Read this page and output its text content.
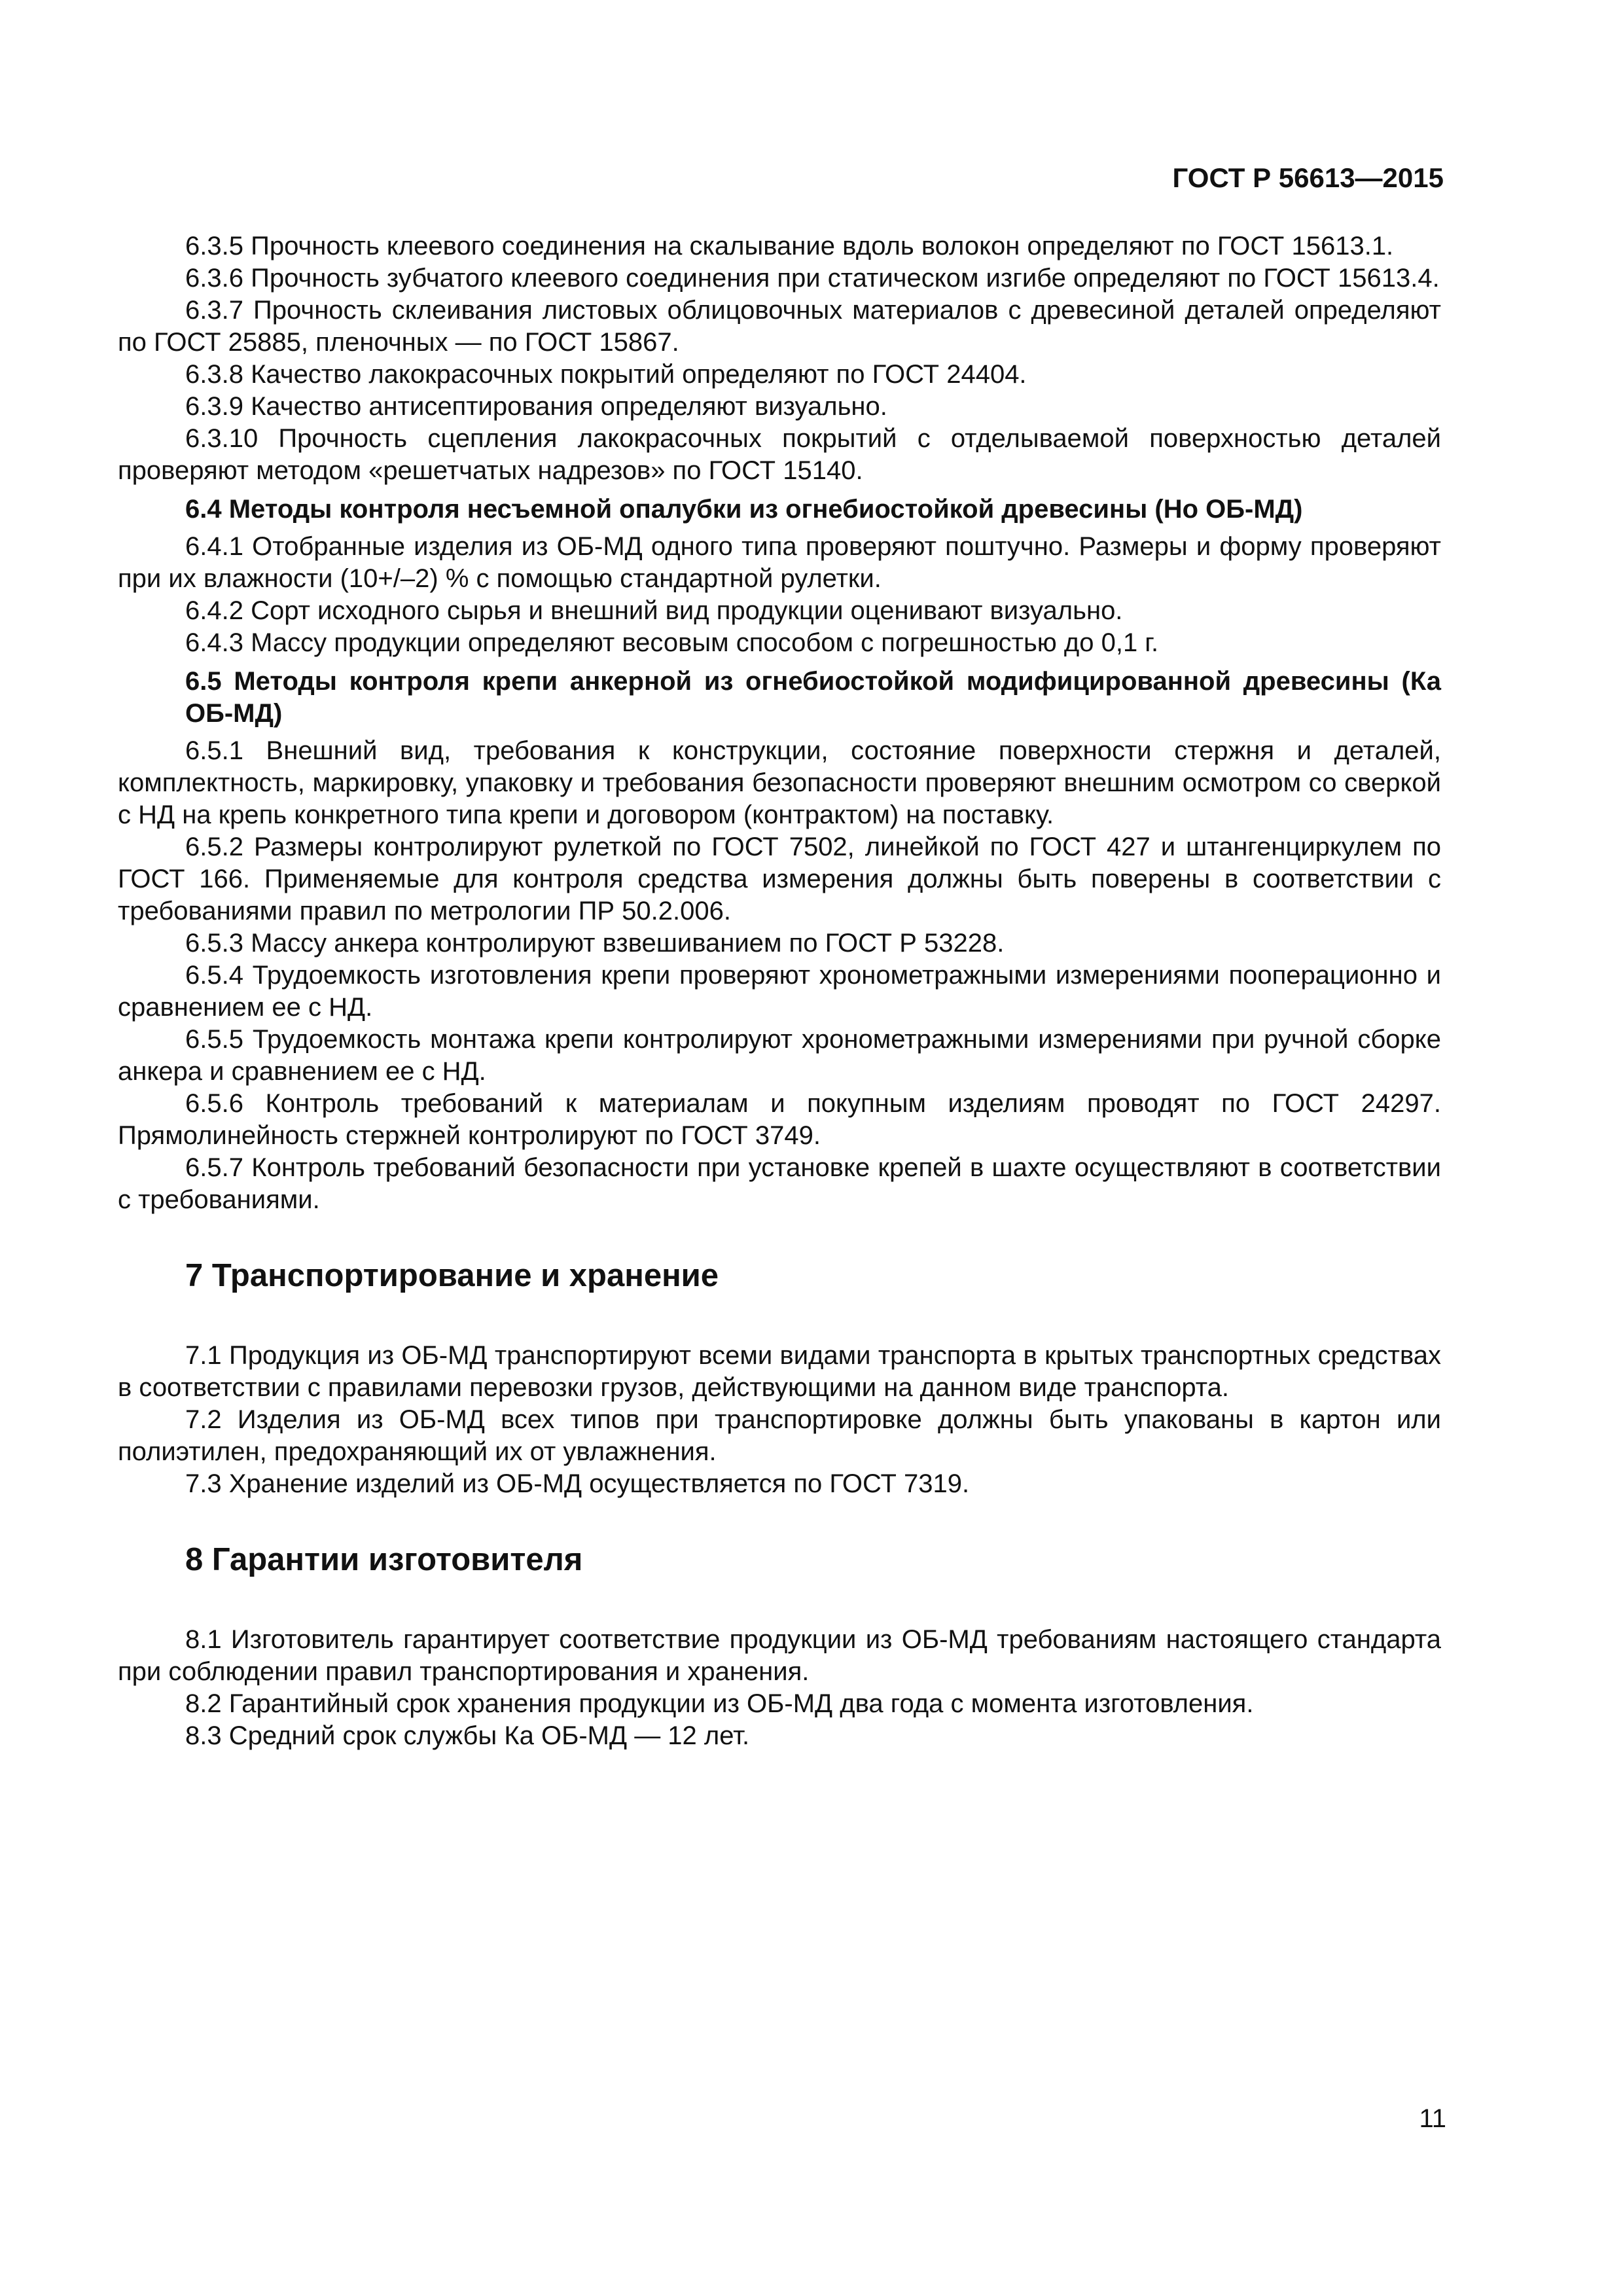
ГОСТ Р 56613—2015

6.3.5 Прочность клеевого соединения на скалывание вдоль волокон определяют по ГОСТ 15613.1.

6.3.6 Прочность зубчатого клеевого соединения при статическом изгибе определяют по ГОСТ 15613.4.

6.3.7 Прочность склеивания листовых облицовочных материалов с древесиной деталей определяют по ГОСТ 25885, пленочных — по ГОСТ 15867.

6.3.8 Качество лакокрасочных покрытий определяют по ГОСТ 24404.

6.3.9 Качество антисептирования определяют визуально.

6.3.10 Прочность сцепления лакокрасочных покрытий с отделываемой поверхностью деталей проверяют методом «решетчатых надрезов» по ГОСТ 15140.

6.4 Методы контроля несъемной опалубки из огнебиостойкой древесины (Но ОБ-МД)

6.4.1 Отобранные изделия из ОБ-МД одного типа проверяют поштучно. Размеры и форму проверяют при их влажности (10+/–2) % с помощью стандартной рулетки.

6.4.2 Сорт исходного сырья и внешний вид продукции оценивают визуально.

6.4.3 Массу продукции определяют весовым способом с погрешностью до 0,1 г.

6.5 Методы контроля крепи анкерной из огнебиостойкой модифицированной древесины (Ка ОБ-МД)

6.5.1 Внешний вид, требования к конструкции, состояние поверхности стержня и деталей, комплектность, маркировку, упаковку и требования безопасности проверяют внешним осмотром со сверкой с НД на крепь конкретного типа крепи и договором (контрактом) на поставку.

6.5.2 Размеры контролируют рулеткой по ГОСТ 7502, линейкой по ГОСТ 427 и штангенциркулем по ГОСТ 166. Применяемые для контроля средства измерения должны быть поверены в соответствии с требованиями правил по метрологии ПР 50.2.006.

6.5.3 Массу анкера контролируют взвешиванием по ГОСТ Р 53228.

6.5.4 Трудоемкость изготовления крепи проверяют хронометражными измерениями пооперационно и сравнением ее с НД.

6.5.5 Трудоемкость монтажа крепи контролируют хронометражными измерениями при ручной сборке анкера и сравнением ее с НД.

6.5.6 Контроль требований к материалам и покупным изделиям проводят по ГОСТ 24297. Прямолинейность стержней контролируют по ГОСТ 3749.

6.5.7 Контроль требований безопасности при установке крепей в шахте осуществляют в соответствии с требованиями.

7 Транспортирование и хранение

7.1 Продукция из ОБ-МД транспортируют всеми видами транспорта в крытых транспортных средствах в соответствии с правилами перевозки грузов, действующими на данном виде транспорта.

7.2 Изделия из ОБ-МД всех типов при транспортировке должны быть упакованы в картон или полиэтилен, предохраняющий их от увлажнения.

7.3 Хранение изделий из ОБ-МД осуществляется по ГОСТ 7319.

8 Гарантии изготовителя

8.1 Изготовитель гарантирует соответствие продукции из ОБ-МД требованиям настоящего стандарта при соблюдении правил транспортирования и хранения.

8.2 Гарантийный срок хранения продукции из ОБ-МД два года с момента изготовления.

8.3 Средний срок службы Ка ОБ-МД — 12 лет.

11
